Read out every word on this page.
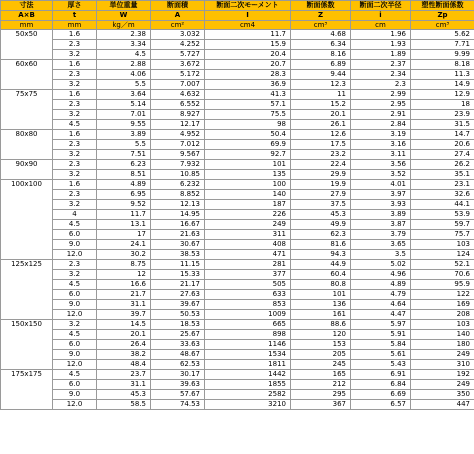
寸法	厚さ	単位重量	断面積	断面二次モーメント	断面係数	断面二次半径	塑性断面係数
A×B	t	W	A	I	Z	i	Zp
mm	mm	kg／m	cm²	cm4	cm³	cm	cm³
50x50	1.6	2.38	3.032	11.7	4.68	1.96	5.62
	2.3	3.34	4.252	15.9	6.34	1.93	7.71
	3.2	4.5	5.727	20.4	8.16	1.89	9.99
60x60	1.6	2.88	3.672	20.7	6.89	2.37	8.18
	2.3	4.06	5.172	28.3	9.44	2.34	11.3
	3.2	5.5	7.007	36.9	12.3	2.3	14.9
75x75	1.6	3.64	4.632	41.3	11	2.99	12.9
	2.3	5.14	6.552	57.1	15.2	2.95	18
	3.2	7.01	8.927	75.5	20.1	2.91	23.9
	4.5	9.55	12.17	98	26.1	2.84	31.5
80x80	1.6	3.89	4.952	50.4	12.6	3.19	14.7
	2.3	5.5	7.012	69.9	17.5	3.16	20.6
	3.2	7.51	9.567	92.7	23.2	3.11	27.4
90x90	2.3	6.23	7.932	101	22.4	3.56	26.2
	3.2	8.51	10.85	135	29.9	3.52	35.1
100x100	1.6	4.89	6.232	100	19.9	4.01	23.1
	2.3	6.95	8.852	140	27.9	3.97	32.6
	3.2	9.52	12.13	187	37.5	3.93	44.1
	4	11.7	14.95	226	45.3	3.89	53.9
	4.5	13.1	16.67	249	49.9	3.87	59.7
	6.0	17	21.63	311	62.3	3.79	75.7
	9.0	24.1	30.67	408	81.6	3.65	103
	12.0	30.2	38.53	471	94.3	3.5	124
125x125	2.3	8.75	11.15	281	44.9	5.02	52.1
	3.2	12	15.33	377	60.4	4.96	70.6
	4.5	16.6	21.17	505	80.8	4.89	95.9
	6.0	21.7	27.63	633	101	4.79	122
	9.0	31.1	39.67	853	136	4.64	169
	12.0	39.7	50.53	1009	161	4.47	208
150x150	3.2	14.5	18.53	665	88.6	5.97	103
	4.5	20.1	25.67	898	120	5.91	140
	6.0	26.4	33.63	1146	153	5.84	180
	9.0	38.2	48.67	1534	205	5.61	249
	12.0	48.4	62.53	1811	245	5.43	310
175x175	4.5	23.7	30.17	1442	165	6.91	192
	6.0	31.1	39.63	1855	212	6.84	249
	9.0	45.3	57.67	2582	295	6.69	350
	12.0	58.5	74.53	3210	367	6.57	447
